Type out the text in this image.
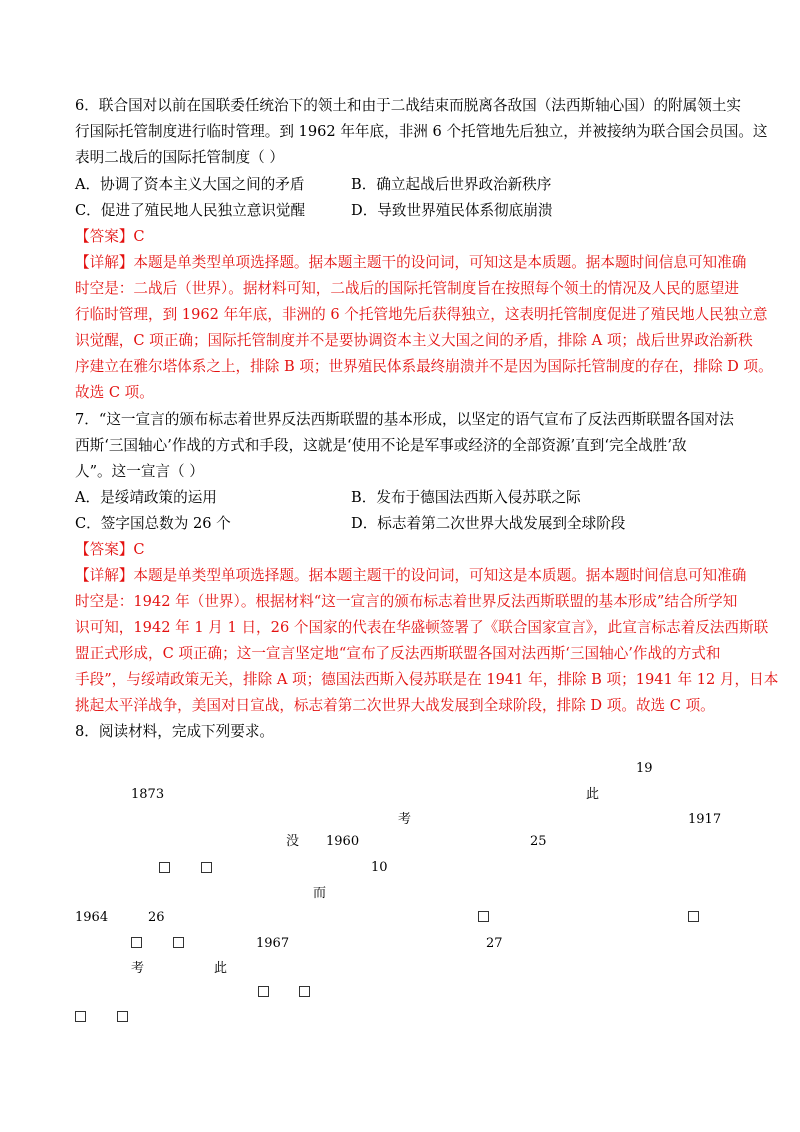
6．联合国对以前在国联委任统治下的领土和由于二战结束而脱离各敌国（法西斯轴心国）的附属领土实
行国际托管制度进行临时管理。到 1962 年年底，非洲 6 个托管地先后独立，并被接纳为联合国会员国。这
表明二战后的国际托管制度（ ）
A．协调了资本主义大国之间的矛盾	B．确立起战后世界政治新秩序
C．促进了殖民地人民独立意识觉醒	D．导致世界殖民体系彻底崩溃
【答案】C
【详解】本题是单类型单项选择题。据本题主题干的设问词，可知这是本质题。据本题时间信息可知准确
时空是：二战后（世界）。据材料可知，二战后的国际托管制度旨在按照每个领土的情况及人民的愿望进
行临时管理，到 1962 年年底，非洲的 6 个托管地先后获得独立，这表明托管制度促进了殖民地人民独立意
识觉醒，C 项正确；国际托管制度并不是要协调资本主义大国之间的矛盾，排除 A 项；战后世界政治新秩
序建立在雅尔塔体系之上，排除 B 项；世界殖民体系最终崩溃并不是因为国际托管制度的存在，排除 D 项。
故选 C 项。
7．“这一宣言的颁布标志着世界反法西斯联盟的基本形成，以坚定的语气宣布了反法西斯联盟各国对法
西斯‘三国轴心’作战的方式和手段，这就是‘使用不论是军事或经济的全部资源’直到‘完全战胜’敌
人”。这一宣言（ ）
A．是绥靖政策的运用	B．发布于德国法西斯入侵苏联之际
C．签字国总数为 26 个	D．标志着第二次世界大战发展到全球阶段
【答案】C
【详解】本题是单类型单项选择题。据本题主题干的设问词，可知这是本质题。据本题时间信息可知准确
时空是：1942 年（世界）。根据材料“这一宣言的颁布标志着世界反法西斯联盟的基本形成”结合所学知
识可知，1942 年 1 月 1 日，26 个国家的代表在华盛顿签署了《联合国家宣言》，此宣言标志着反法西斯联
盟正式形成，C 项正确；这一宣言坚定地“宣布了反法西斯联盟各国对法西斯‘三国轴心’作战的方式和
手段”，与绥靖政策无关，排除 A 项；德国法西斯入侵苏联是在 1941 年，排除 B 项；1941 年 12 月，日本
挑起太平洋战争，美国对日宣战，标志着第二次世界大战发展到全球阶段，排除 D 项。故选 C 项。
8．阅读材料，完成下列要求。
19
1873	此
考	1917
没 1960	25
10
而
1964	26
1967	27
考	此
